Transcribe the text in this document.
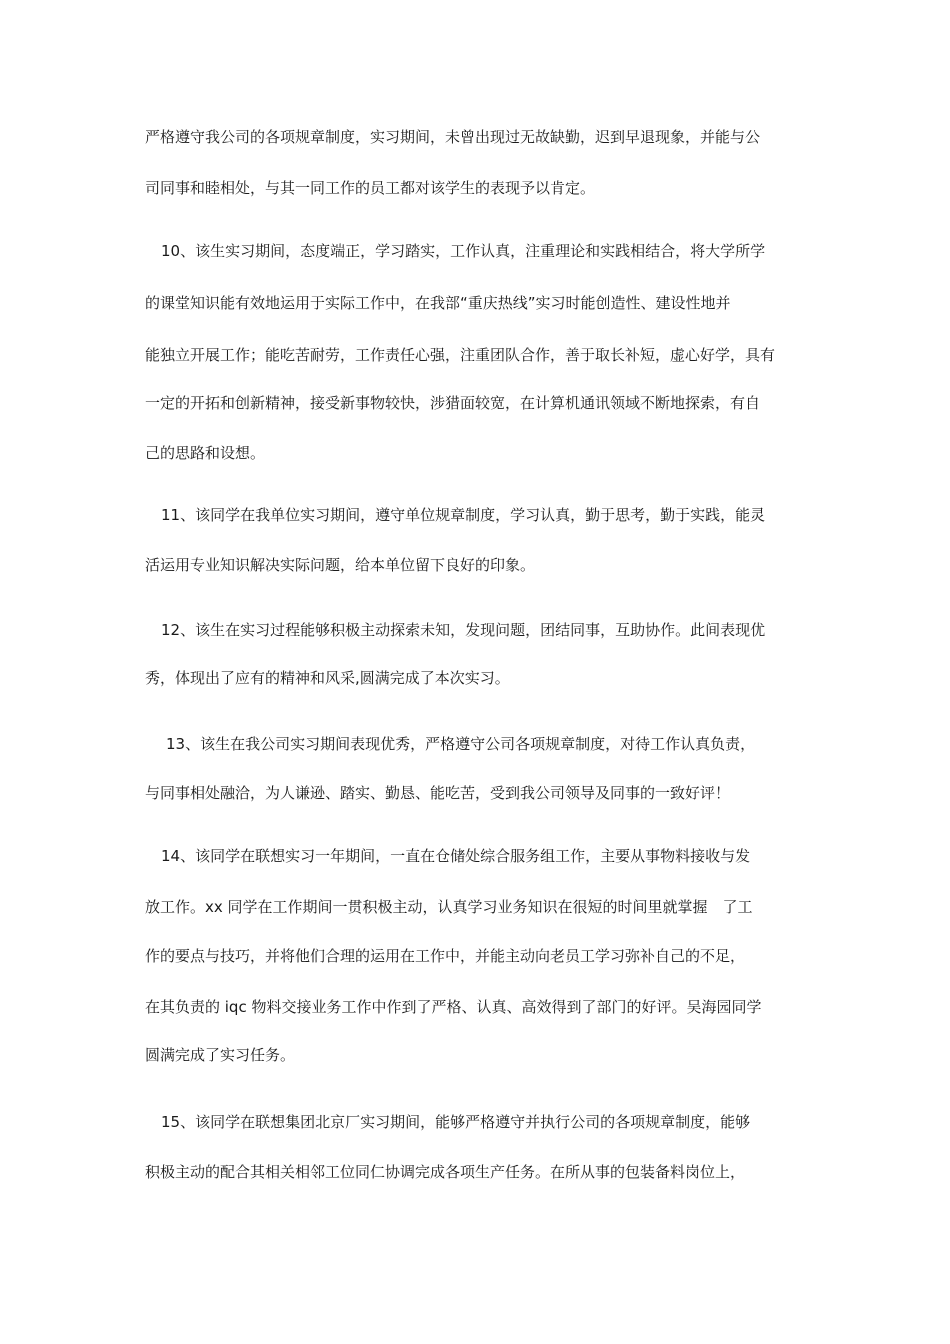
严格遵守我公司的各项规章制度，实习期间，未曾出现过无故缺勤，迟到早退现象，并能与公
司同事和睦相处，与其一同工作的员工都对该学生的表现予以肯定。
10、该生实习期间，态度端正，学习踏实，工作认真，注重理论和实践相结合，将大学所学
的课堂知识能有效地运用于实际工作中，在我部“重庆热线”实习时能创造性、建设性地并
能独立开展工作；能吃苦耐劳，工作责任心强，注重团队合作，善于取长补短，虚心好学，具有
一定的开拓和创新精神，接受新事物较快，涉猎面较宽，在计算机通讯领域不断地探索，有自
己的思路和设想。
11、该同学在我单位实习期间，遵守单位规章制度，学习认真，勤于思考，勤于实践，能灵
活运用专业知识解决实际问题，给本单位留下良好的印象。
12、该生在实习过程能够积极主动探索未知，发现问题，团结同事，互助协作。此间表现优
秀，体现出了应有的精神和风采,圆满完成了本次实习。
13、该生在我公司实习期间表现优秀，严格遵守公司各项规章制度，对待工作认真负责，
与同事相处融洽，为人谦逊、踏实、勤恳、能吃苦，受到我公司领导及同事的一致好评！
14、该同学在联想实习一年期间，一直在仓储处综合服务组工作，主要从事物料接收与发
放工作。xx 同学在工作期间一贯积极主动，认真学习业务知识在很短的时间里就掌握　了工
作的要点与技巧，并将他们合理的运用在工作中，并能主动向老员工学习弥补自己的不足，
在其负责的 iqc 物料交接业务工作中作到了严格、认真、高效得到了部门的好评。吴海园同学
圆满完成了实习任务。
15、该同学在联想集团北京厂实习期间，能够严格遵守并执行公司的各项规章制度，能够
积极主动的配合其相关相邻工位同仁协调完成各项生产任务。在所从事的包装备料岗位上，
